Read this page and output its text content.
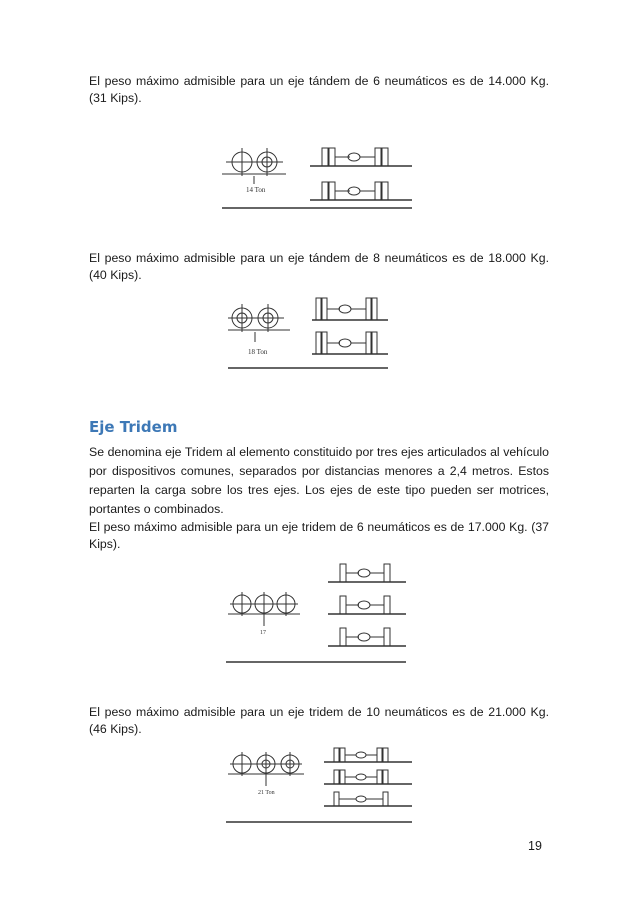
El peso máximo admisible para un eje tándem de 6 neumáticos es de 14.000 Kg. (31 Kips).

14 Ton

El peso máximo admisible para un eje tándem de 8 neumáticos es de 18.000 Kg. (40 Kips).

18 Ton
Eje Tridem

Se denomina eje Tridem al elemento constituido por tres ejes articulados al vehículo por dispositivos comunes, separados por distancias menores a 2,4 metros. Estos reparten la carga sobre los tres ejes. Los ejes de este tipo pueden ser motrices, portantes o combinados.

El peso máximo admisible para un eje tridem de 6 neumáticos es de 17.000 Kg. (37 Kips).

17

El peso máximo admisible para un eje tridem de 10 neumáticos es de 21.000 Kg. (46 Kips).

21 Ton
19
